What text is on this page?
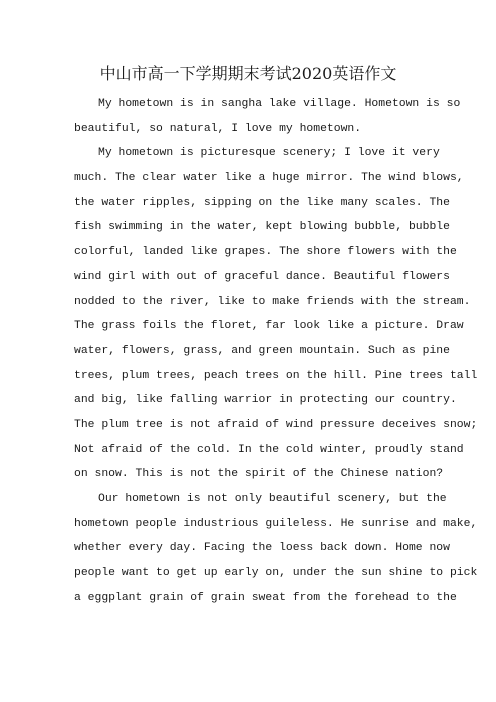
中山市高一下学期期末考试2020英语作文
My hometown is in sangha lake village. Hometown is so
beautiful, so natural, I love my hometown.
My hometown is picturesque scenery; I love it very
much. The clear water like a huge mirror. The wind blows,
the water ripples, sipping on the like many scales. The
fish swimming in the water, kept blowing bubble, bubble
colorful, landed like grapes. The shore flowers with the
wind girl with out of graceful dance. Beautiful flowers
nodded to the river, like to make friends with the stream.
The grass foils the floret, far look like a picture. Draw
water, flowers, grass, and green mountain. Such as pine
trees, plum trees, peach trees on the hill. Pine trees tall
and big, like falling warrior in protecting our country.
The plum tree is not afraid of wind pressure deceives snow;
Not afraid of the cold. In the cold winter, proudly stand
on snow. This is not the spirit of the Chinese nation?
Our hometown is not only beautiful scenery, but the
hometown people industrious guileless. He sunrise and make,
whether every day. Facing the loess back down. Home now
people want to get up early on, under the sun shine to pick
a eggplant grain of grain sweat from the forehead to the
